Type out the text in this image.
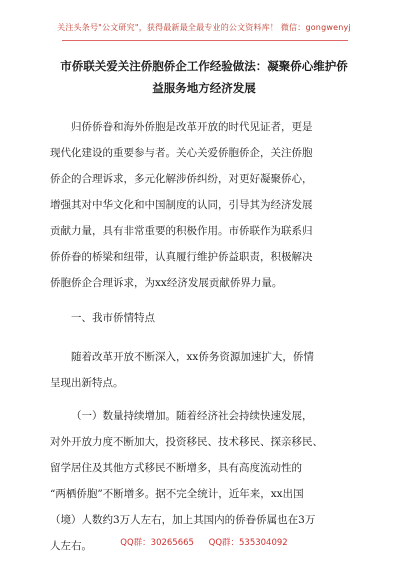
关注头条号"公文研究"，获得最新最全最专业的公文资料库！ 微信：gongwenyj
市侨联关爱关注侨胞侨企工作经验做法：凝聚侨心维护侨
益服务地方经济发展

归侨侨眷和海外侨胞是改革开放的时代见证者，更是

现代化建设的重要参与者。关心关爱侨胞侨企，关注侨胞

侨企的合理诉求，多元化解涉侨纠纷，对更好凝聚侨心，

增强其对中华文化和中国制度的认同，引导其为经济发展

贡献力量，具有非常重要的积极作用。市侨联作为联系归

侨侨眷的桥梁和纽带，认真履行维护侨益职责，积极解决

侨胞侨企合理诉求，为xx经济发展贡献侨界力量。

一、我市侨情特点

随着改革开放不断深入，xx侨务资源加速扩大，侨情

呈现出新特点。

（一）数量持续增加。随着经济社会持续快速发展，

对外开放力度不断加大，投资移民、技术移民、探亲移民、

留学居住及其他方式移民不断增多，具有高度流动性的

“两栖侨胞”不断增多。据不完全统计，近年来，xx出国

（境）人数约3万人左右，加上其国内的侨眷侨属也在3万

人左右。	QQ群：30265665 QQ群：535304092
